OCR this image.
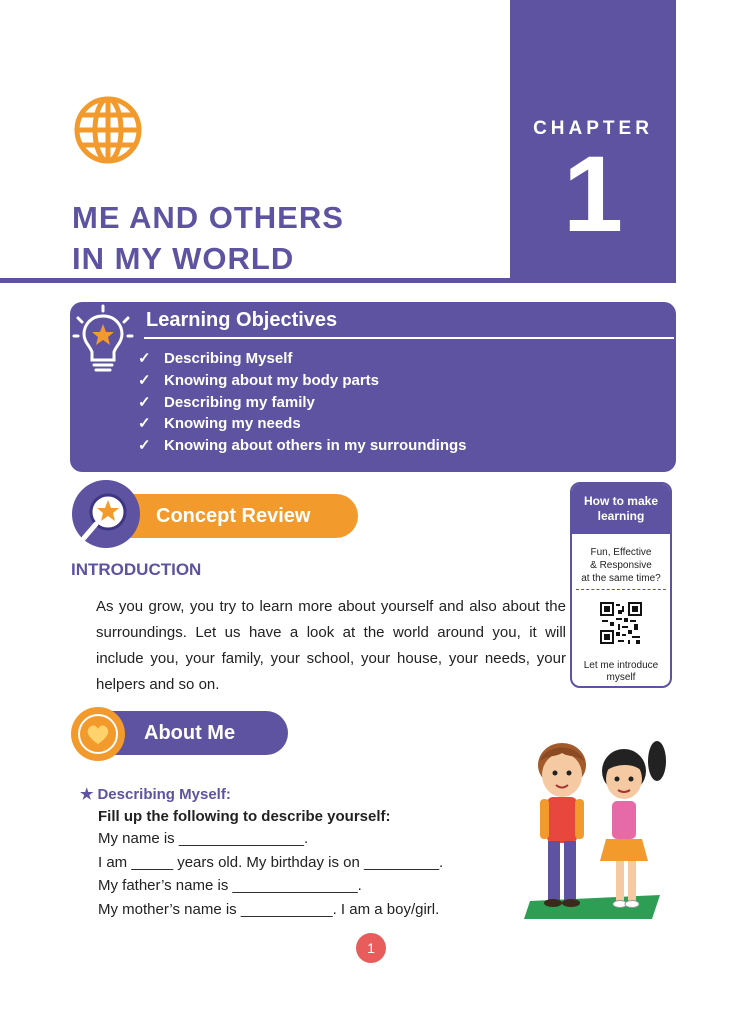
CHAPTER
1
ME AND OTHERS
IN MY WORLD
Learning Objectives
✓ Describing Myself
✓ Knowing about my body parts
✓ Describing my family
✓ Knowing my needs
✓ Knowing about others in my surroundings
Concept Review
How to make learning
Fun, Effective
& Responsive
at the same time?
Let me introduce myself
INTRODUCTION
As you grow, you try to learn more about yourself and also about the surroundings. Let us have a look at the world around you, it will include you, your family, your school, your house, your needs, your helpers and so on.
About Me
★ Describing Myself:
Fill up the following to describe yourself:
My name is _______________.
I am _____ years old. My birthday is on _________.
My father’s name is _______________.
My mother’s name is ___________. I am a boy/girl.
1
